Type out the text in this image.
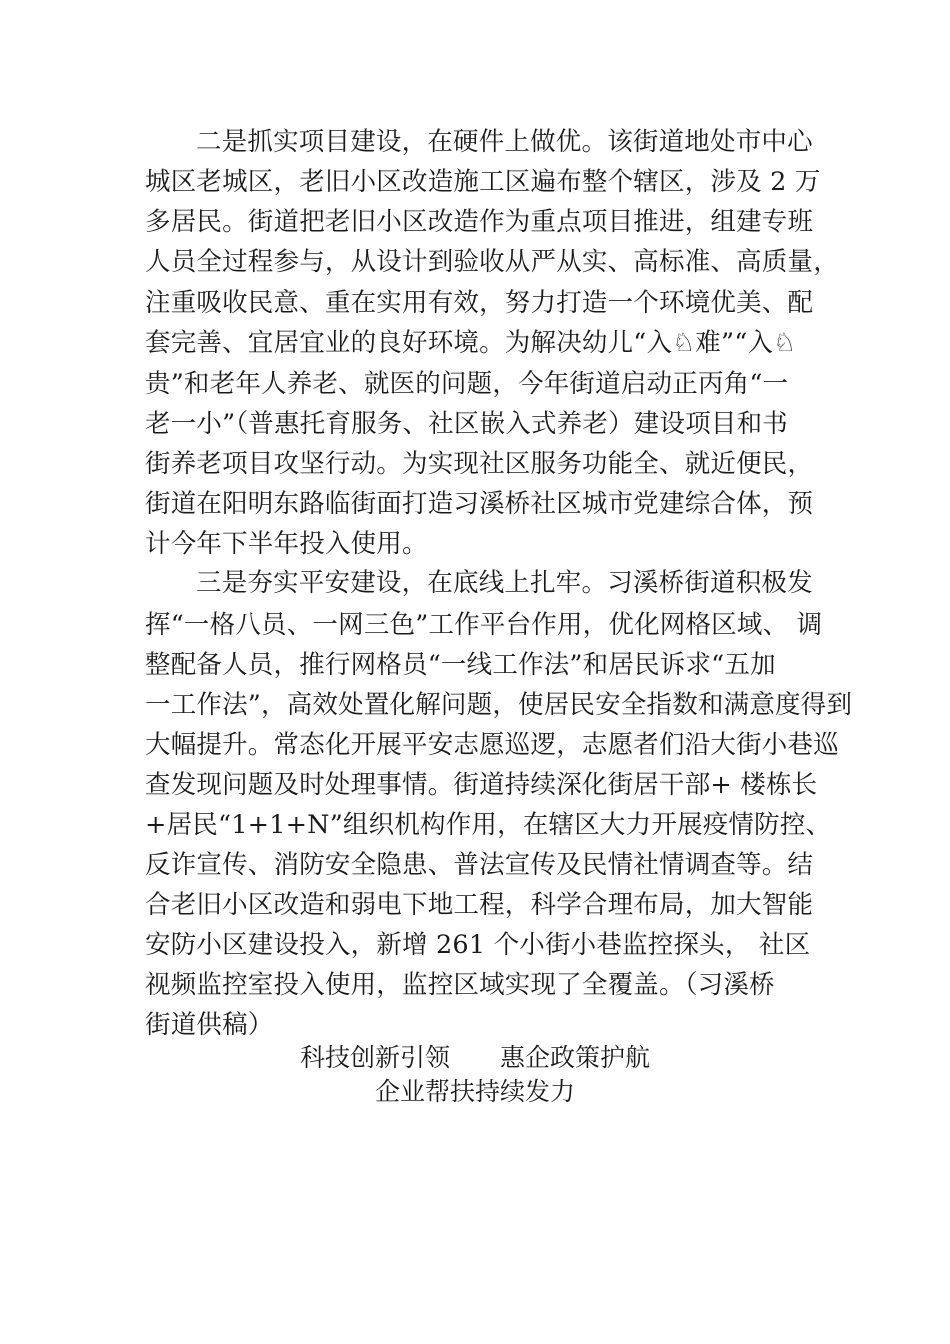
二是抓实项目建设，在硬件上做优。该街道地处市中心
城区老城区，老旧小区改造施工区遍布整个辖区，涉及 2 万
多居民。街道把老旧小区改造作为重点项目推进，组建专班
人员全过程参与，从设计到验收从严从实、高标准、高质量，
注重吸收民意、重在实用有效，努力打造一个环境优美、配
套完善、宜居宜业的良好环境。为解决幼儿“入♘难”“入♘
贵”和老年人养老、就医的问题，今年街道启动正丙角“一
老一小”（普惠托育服务、社区嵌入式养老）建设项目和书
街养老项目攻坚行动。为实现社区服务功能全、就近便民，
街道在阳明东路临街面打造习溪桥社区城市党建综合体，预
计今年下半年投入使用。
三是夯实平安建设，在底线上扎牢。习溪桥街道积极发
挥“一格八员、一网三色”工作平台作用，优化网格区域、 调
整配备人员，推行网格员“一线工作法”和居民诉求“五加
一工作法”，高效处置化解问题，使居民安全指数和满意度得到
大幅提升。常态化开展平安志愿巡逻，志愿者们沿大街小巷巡
查发现问题及时处理事情。街道持续深化街居干部+ 楼栋长
+居民“1+1+N”组织机构作用，在辖区大力开展疫情防控、
反诈宣传、消防安全隐患、普法宣传及民情社情调查等。结
合老旧小区改造和弱电下地工程，科学合理布局，加大智能
安防小区建设投入，新增 261 个小街小巷监控探头， 社区
视频监控室投入使用，监控区域实现了全覆盖。（习溪桥
街道供稿）
科技创新引领　　惠企政策护航
企业帮扶持续发力
